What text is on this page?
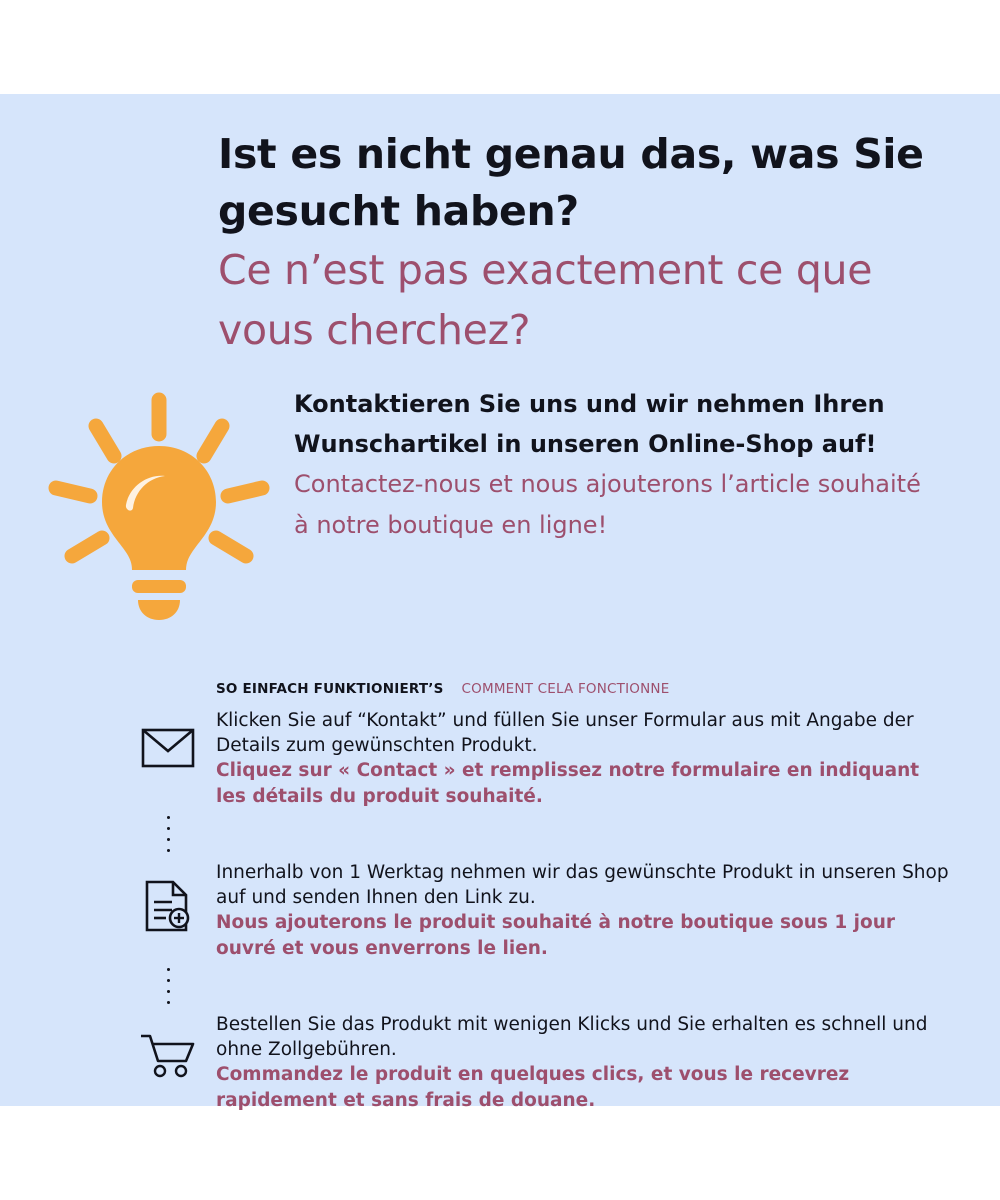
Ist es nicht genau das, was Sie gesucht haben?

Ce n’est pas exactement ce que vous cherchez?

Kontaktieren Sie uns und wir nehmen Ihren Wunschartikel in unseren Online-Shop auf!

Contactez-nous et nous ajouterons l’article souhaité à notre boutique en ligne!

SO EINFACH FUNKTIONIERT’S COMMENT CELA FONCTIONNE

Klicken Sie auf “Kontakt” und füllen Sie unser Formular aus mit Angabe der Details zum gewünschten Produkt.

Cliquez sur « Contact » et remplissez notre formulaire en indiquant les détails du produit souhaité.

Innerhalb von 1 Werktag nehmen wir das gewünschte Produkt in unseren Shop auf und senden Ihnen den Link zu.

Nous ajouterons le produit souhaité à notre boutique sous 1 jour ouvré et vous enverrons le lien.

Bestellen Sie das Produkt mit wenigen Klicks und Sie erhalten es schnell und ohne Zollgebühren.

Commandez le produit en quelques clics, et vous le recevrez rapidement et sans frais de douane.
